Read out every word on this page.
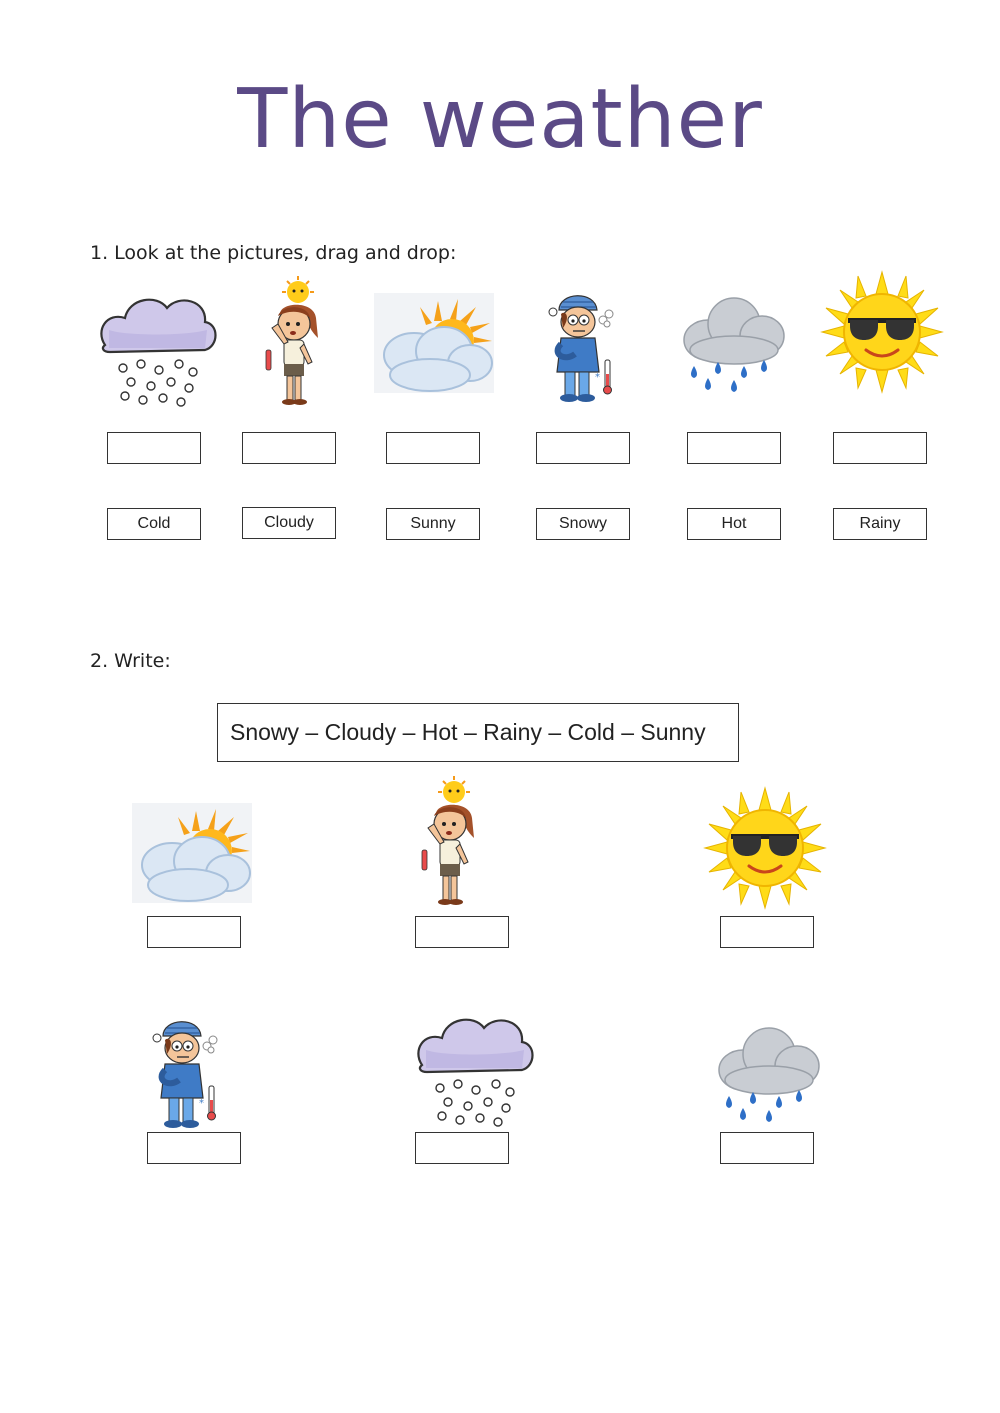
*	The weather
1. Look at the pictures, drag and drop:
Cold	Cloudy	Sunny	Snowy	Hot	Rainy
2. Write:
Snowy – Cloudy – Hot – Rainy – Cold – Sunny
